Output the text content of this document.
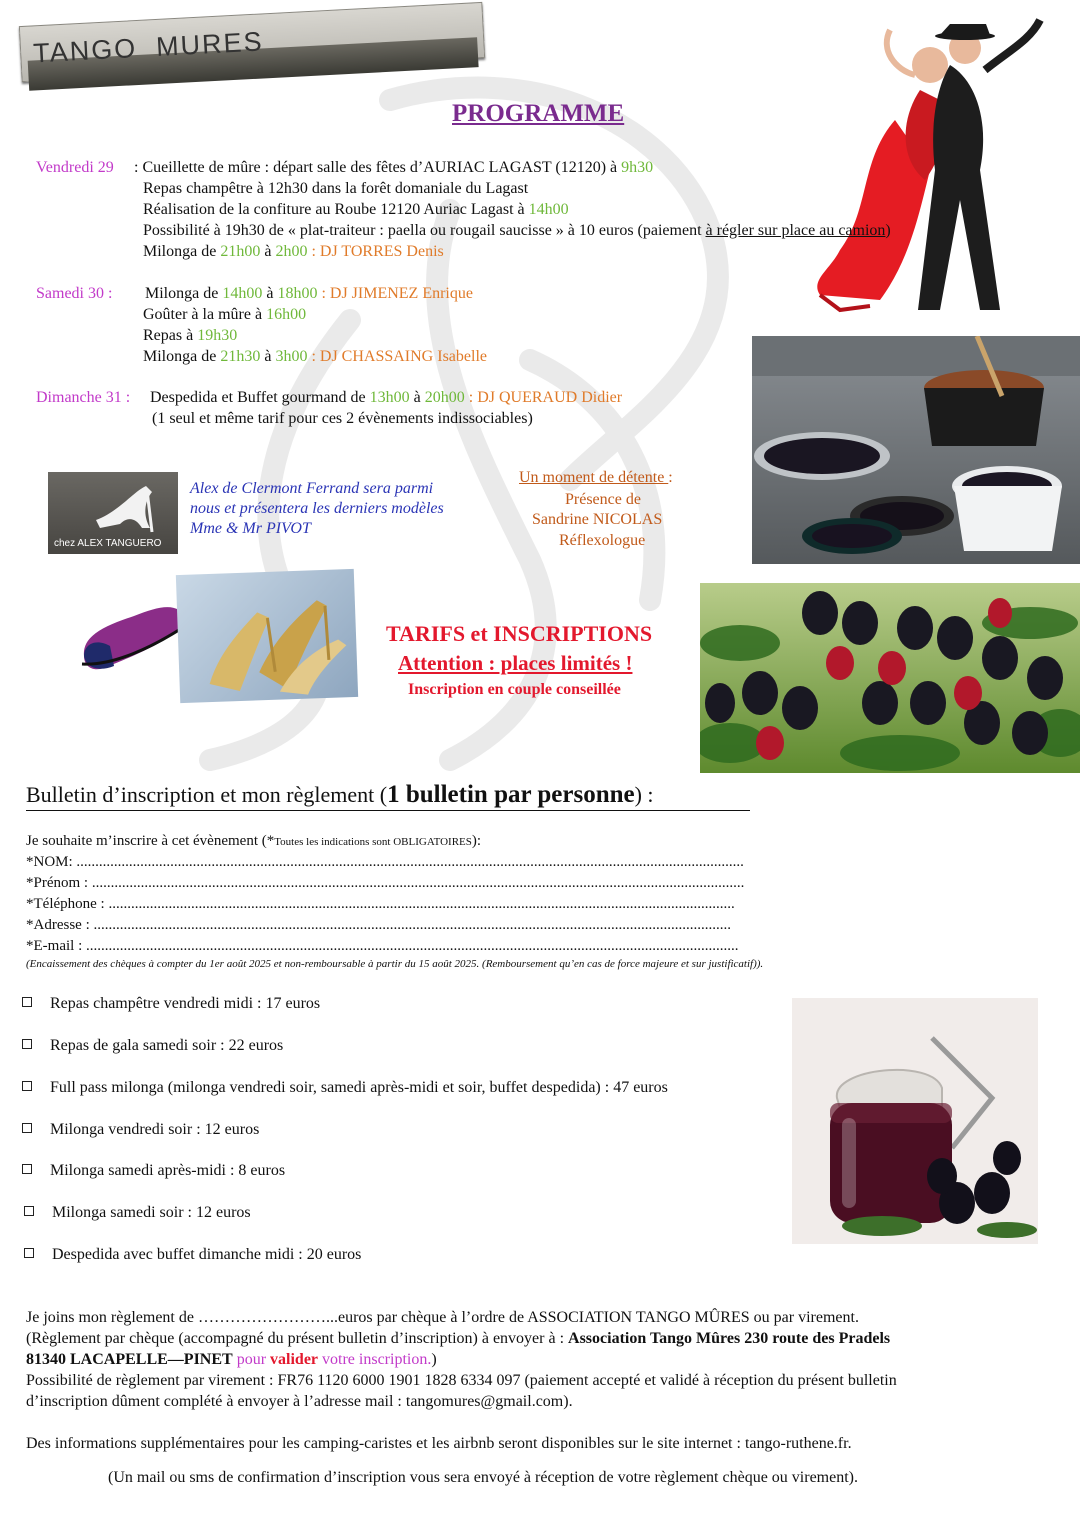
TANGO  MURES
PROGRAMME
Vendredi 29 : Cueillette de mûre : départ salle des fêtes d’AURIAC LAGAST (12120) à 9h30
Repas champêtre à 12h30 dans la forêt domaniale du Lagast
Réalisation de la confiture au Roube 12120 Auriac Lagast à 14h00
Possibilité à 19h30 de « plat-traiteur : paella ou rougail saucisse » à 10 euros (paiement à régler sur place au camion)
Milonga de 21h00 à 2h00 : DJ TORRES Denis
Samedi 30 : Milonga de 14h00 à 18h00 : DJ JIMENEZ Enrique
Goûter à la mûre à 16h00
Repas à 19h30
Milonga de 21h30 à 3h00 : DJ CHASSAING Isabelle
Dimanche 31 : Despedida et Buffet gourmand de 13h00 à 20h00 : DJ QUERAUD Didier
(1 seul et même tarif pour ces 2 évènements indissociables)
chez ALEX TANGUERO
Alex de Clermont Ferrand sera parmi
nous et présentera les derniers modèles
Mme & Mr PIVOT
Un moment de détente :
Présence de
Sandrine NICOLAS
Réflexologue
TARIFS et INSCRIPTIONS
Attention : places limités !
Inscription en couple conseillée
Bulletin d’inscription et mon règlement (1 bulletin par personne) :
Je souhaite m’inscrire à cet évènement (*Toutes les indications sont OBLIGATOIRES):
*NOM: ..................................................................................................................................................................................
*Prénom : ..............................................................................................................................................................................
*Téléphone : .......................................................................................................................................................................
*Adresse : ..........................................................................................................................................................................
*E-mail : ..............................................................................................................................................................................
(Encaissement des chèques à compter du 1er août 2025 et non-remboursable à partir du 15 août 2025. (Remboursement qu’en cas de force majeure et sur justificatif)).
Repas champêtre vendredi midi : 17 euros
Repas de gala samedi soir : 22 euros
Full pass milonga (milonga vendredi soir, samedi après-midi et soir, buffet despedida) : 47 euros
Milonga vendredi soir : 12 euros
Milonga samedi après-midi : 8 euros
Milonga samedi soir : 12 euros
Despedida avec buffet dimanche midi : 20 euros
Je joins mon règlement de ……………………...euros par chèque à l’ordre de ASSOCIATION TANGO MÛRES ou par virement.
(Règlement par chèque (accompagné du présent bulletin d’inscription) à envoyer à : Association Tango Mûres 230 route des Pradels
81340 LACAPELLE—PINET pour valider votre inscription.)
Possibilité de règlement par virement : FR76 1120 6000 1901 1828 6334 097 (paiement accepté et validé à réception du présent bulletin
d’inscription dûment complété à envoyer à l’adresse mail : tangomures@gmail.com).
Des informations supplémentaires pour les camping-caristes et les airbnb seront disponibles sur le site internet : tango-ruthene.fr.
(Un mail ou sms de confirmation d’inscription vous sera envoyé à réception de votre règlement chèque ou virement).
